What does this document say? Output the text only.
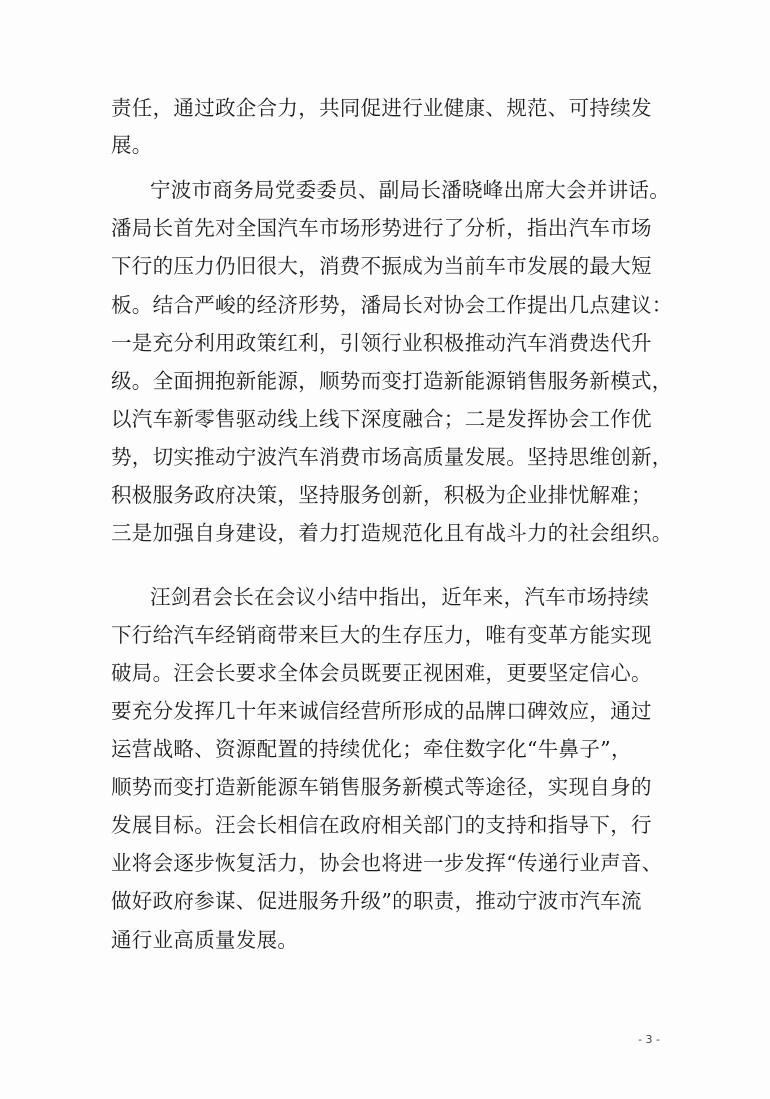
责任，通过政企合力，共同促进行业健康、规范、可持续发
展。
宁波市商务局党委委员、副局长潘晓峰出席大会并讲话。
潘局长首先对全国汽车市场形势进行了分析，指出汽车市场
下行的压力仍旧很大，消费不振成为当前车市发展的最大短
板。结合严峻的经济形势，潘局长对协会工作提出几点建议：
一是充分利用政策红利，引领行业积极推动汽车消费迭代升
级。全面拥抱新能源，顺势而变打造新能源销售服务新模式，
以汽车新零售驱动线上线下深度融合；二是发挥协会工作优
势，切实推动宁波汽车消费市场高质量发展。坚持思维创新，
积极服务政府决策，坚持服务创新，积极为企业排忧解难；
三是加强自身建设，着力打造规范化且有战斗力的社会组织。
汪剑君会长在会议小结中指出，近年来，汽车市场持续
下行给汽车经销商带来巨大的生存压力，唯有变革方能实现
破局。汪会长要求全体会员既要正视困难，更要坚定信心。
要充分发挥几十年来诚信经营所形成的品牌口碑效应，通过
运营战略、资源配置的持续优化；牵住数字化“牛鼻子”，
顺势而变打造新能源车销售服务新模式等途径，实现自身的
发展目标。汪会长相信在政府相关部门的支持和指导下，行
业将会逐步恢复活力，协会也将进一步发挥“传递行业声音、
做好政府参谋、促进服务升级”的职责，推动宁波市汽车流
通行业高质量发展。
- 3 -
